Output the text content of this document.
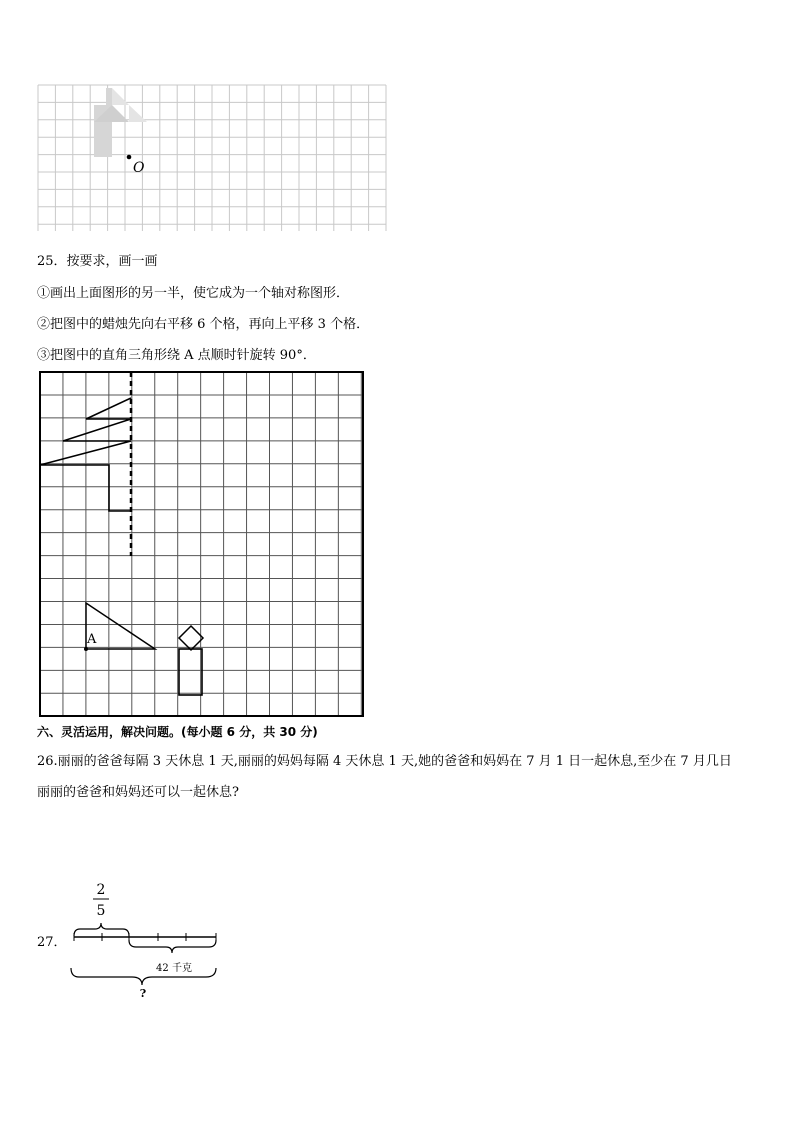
O
25．按要求，画一画
①画出上面图形的另一半，使它成为一个轴对称图形．
②把图中的蜡烛先向右平移 6 个格，再向上平移 3 个格．
③把图中的直角三角形绕 A 点顺时针旋转 90°．
A
六、灵活运用，解决问题。(每小题 6 分，共 30 分)
26.丽丽的爸爸每隔 3 天休息 1 天,丽丽的妈妈每隔 4 天休息 1 天,她的爸爸和妈妈在 7 月 1 日一起休息,至少在 7 月几日
丽丽的爸爸和妈妈还可以一起休息?
27．
2
5
42 千克
?
